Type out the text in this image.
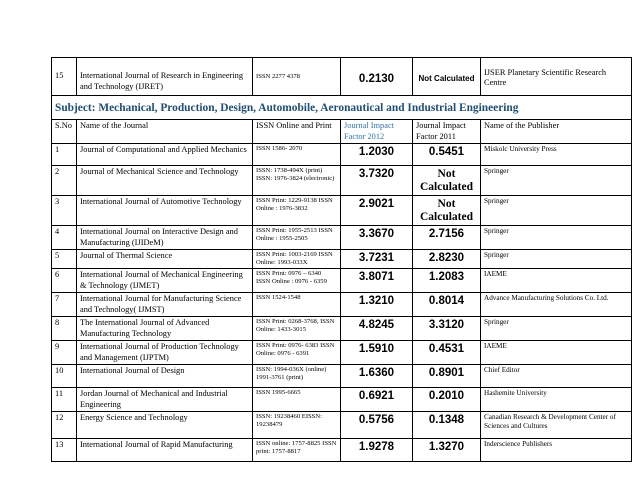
15	International Journal of Research in Engineering and Technology (IJRET)	ISSN 2277 4378	0.2130	Not Calculated	IJSER Planetary Scientific Research Centre
Subject: Mechanical, Production, Design, Automobile, Aeronautical and Industrial Engineering					
S.No	Name of the Journal	ISSN Online and Print	Journal Impact Factor 2012	Journal Impact Factor 2011	Name of the Publisher
1	Journal of Computational and Applied Mechanics	ISSN 1586- 2070	1.2030	0.5451	Miskolc University Press
2	Journal of Mechanical Science and Technology	ISSN: 1738-494X (print) ISSN: 1976-3824 (electronic)	3.7320	Not Calculated	Springer
3	International Journal of Automotive Technology	ISSN Print: 1229-9138 ISSN Online : 1976-3832	2.9021	Not Calculated	Springer
4	International Journal on Interactive Design and Manufacturing (IJIDeM)	ISSN Print: 1955-2513 ISSN Online : 1955-2505	3.3670	2.7156	Springer
5	Journal of Thermal Science	ISSN Print: 1003-2169 ISSN Online: 1993-033X	3.7231	2.8230	Springer
6	International Journal of Mechanical Engineering & Technology (IJMET)	ISSN Print: 0976 – 6340 ISSN Online : 0976 - 6359	3.8071	1.2083	IAEME
7	International Journal for Manufacturing Science and Technology( IJMST)	ISSN 1524-1548	1.3210	0.8014	Advance Manufacturing Solutions Co. Ltd.
8	The International Journal of Advanced Manufacturing Technology	ISSN Print: 0268-3768, ISSN Online: 1433-3015	4.8245	3.3120	Springer
9	International Journal of Production Technology and Management (IJPTM)	ISSN Print: 0976- 6383 ISSN Online: 0976 - 6391	1.5910	0.4531	IAEME
10	International Journal of Design	ISSN: 1994-036X (online) 1991-3761 (print)	1.6360	0.8901	Chief Editor
11	Jordan Journal of Mechanical and Industrial Engineering	ISSN 1995-6665	0.6921	0.2010	Hashemite University
12	Energy Science and Technology	ISSN: 19238460 EISSN: 19238479	0.5756	0.1348	Canadian Research & Development Center of Sciences and Cultures
13	International Journal of Rapid Manufacturing	ISSN online: 1757-8825 ISSN print: 1757-8817	1.9278	1.3270	Inderscience Publishers
